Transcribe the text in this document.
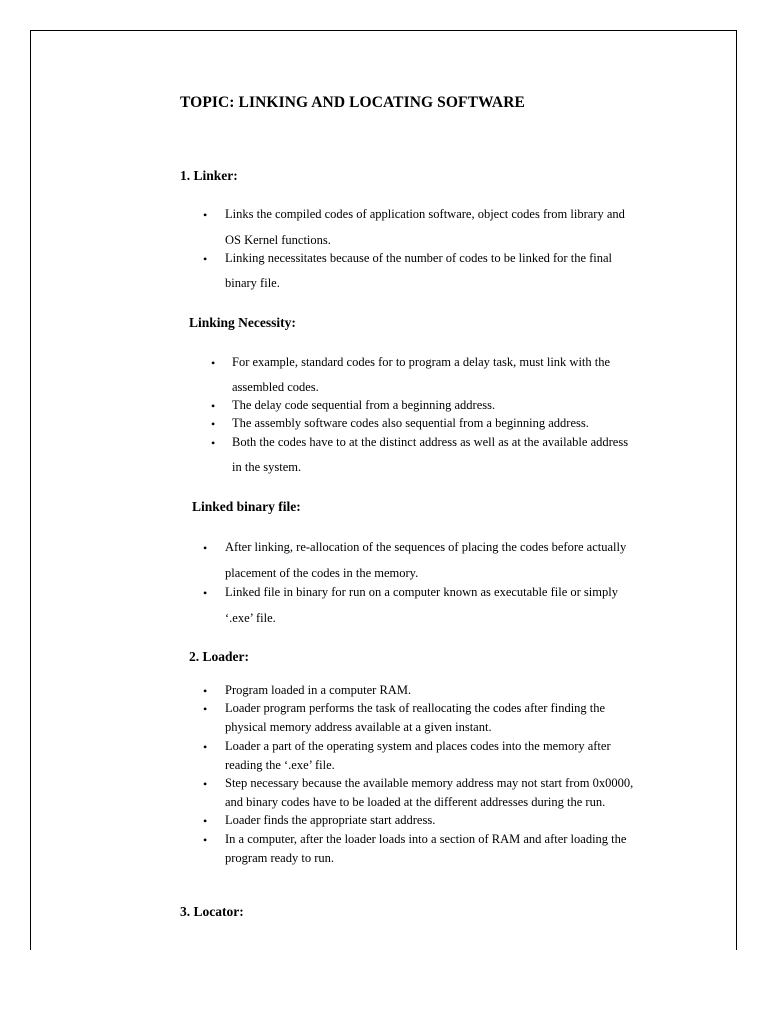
TOPIC: LINKING AND LOCATING SOFTWARE
1. Linker:
• Links the compiled codes of application software, object codes from library and
OS Kernel functions.
• Linking necessitates because of the number of codes to be linked for the final
binary file.
Linking Necessity:
• For example, standard codes for to program a delay task, must link with the
assembled codes.
• The delay code sequential from a beginning address.
• The assembly software codes also sequential from a beginning address.
• Both the codes have to at the distinct address as well as at the available address
in the system.
Linked binary file:
• After linking, re-allocation of the sequences of placing the codes before actually
placement of the codes in the memory.
• Linked file in binary for run on a computer known as executable file or simply
‘.exe’ file.
2. Loader:
• Program loaded in a computer RAM.
• Loader program performs the task of reallocating the codes after finding the
physical memory address available at a given instant.
• Loader a part of the operating system and places codes into the memory after
reading the ‘.exe’ file.
• Step necessary because the available memory address may not start from 0x0000,
and binary codes have to be loaded at the different addresses during the run.
• Loader finds the appropriate start address.
• In a computer, after the loader loads into a section of RAM and after loading the
program ready to run.
3. Locator:
